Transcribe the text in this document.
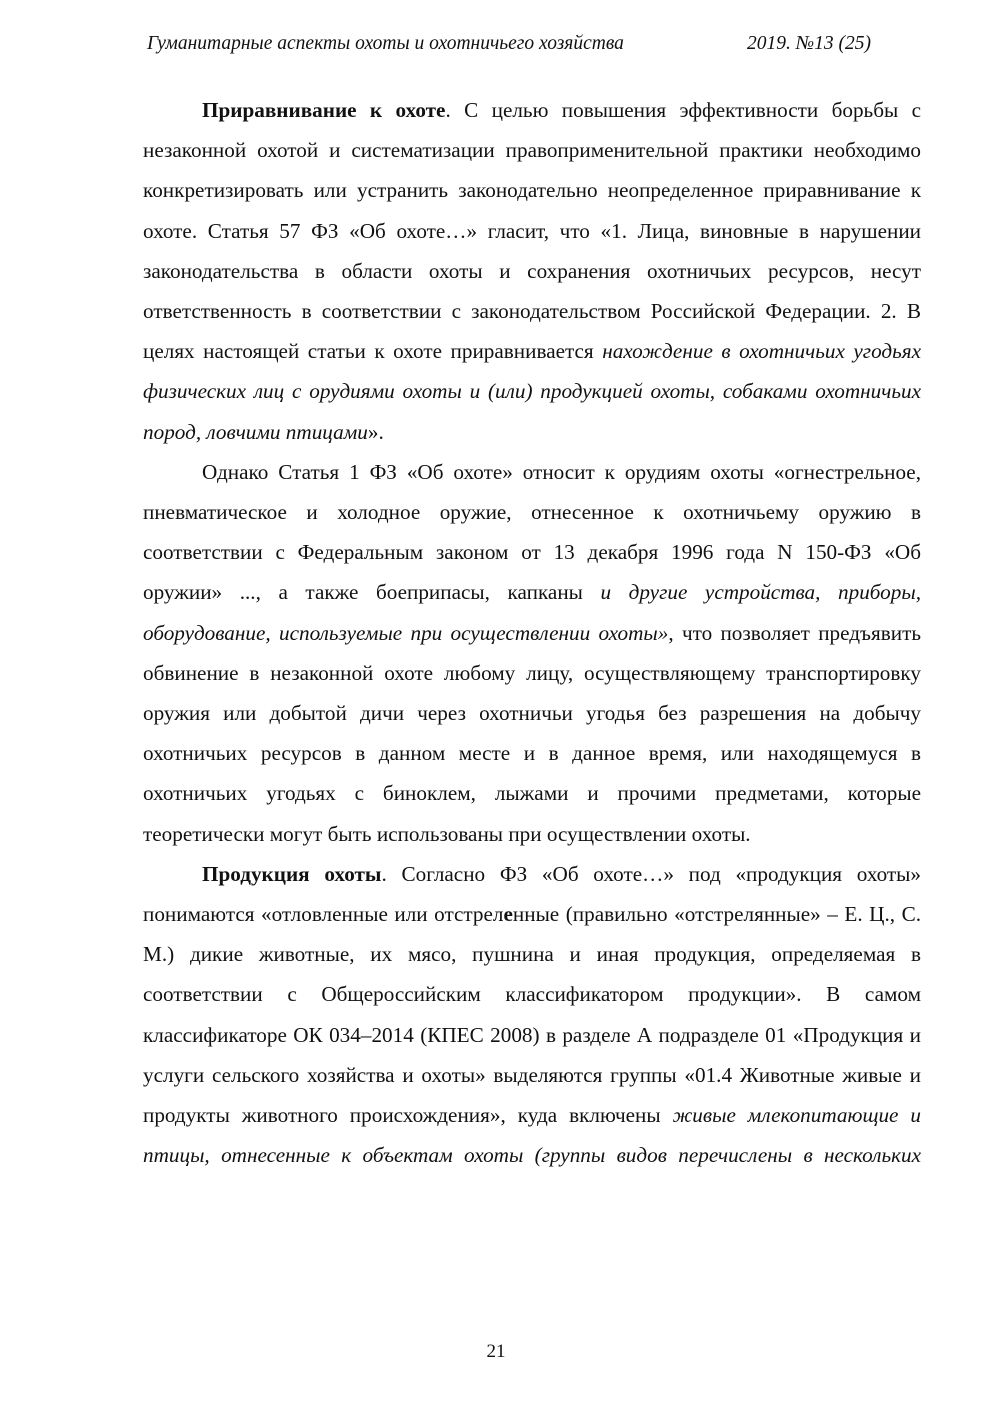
Гуманитарные аспекты охоты и охотничьего хозяйства	2019. №13 (25)

Приравнивание к охоте. С целью повышения эффективности борьбы с незаконной охотой и систематизации правоприменительной практики необходимо конкретизировать или устранить законодательно неопределенное приравнивание к охоте. Статья 57 ФЗ «Об охоте…» гласит, что «1. Лица, виновные в нарушении законодательства в области охоты и сохранения охотничьих ресурсов, несут ответственность в соответствии с законодательством Российской Федерации. 2. В целях настоящей статьи к охоте приравнивается нахождение в охотничьих угодьях физических лиц с орудиями охоты и (или) продукцией охоты, собаками охотничьих пород, ловчими птицами».

Однако Статья 1 ФЗ «Об охоте» относит к орудиям охоты «огнестрельное, пневматическое и холодное оружие, отнесенное к охотничьему оружию в соответствии с Федеральным законом от 13 декабря 1996 года N 150-ФЗ «Об оружии» ..., а также боеприпасы, капканы и другие устройства, приборы, оборудование, используемые при осуществлении охоты», что позволяет предъявить обвинение в незаконной охоте любому лицу, осуществляющему транспортировку оружия или добытой дичи через охотничьи угодья без разрешения на добычу охотничьих ресурсов в данном месте и в данное время, или находящемуся в охотничьих угодьях с биноклем, лыжами и прочими предметами, которые теоретически могут быть использованы при осуществлении охоты.

Продукция охоты. Согласно ФЗ «Об охоте…» под «продукция охоты» понимаются «отловленные или отстреленные (правильно «отстрелянные» – Е. Ц., С. М.) дикие животные, их мясо, пушнина и иная продукция, определяемая в соответствии с Общероссийским классификатором продукции». В самом классификаторе ОК 034–2014 (КПЕС 2008) в разделе А подразделе 01 «Продукция и услуги сельского хозяйства и охоты» выделяются группы «01.4 Животные живые и продукты животного происхождения», куда включены живые млекопитающие и птицы, отнесенные к объектам охоты (группы видов перечислены в нескольких

21
